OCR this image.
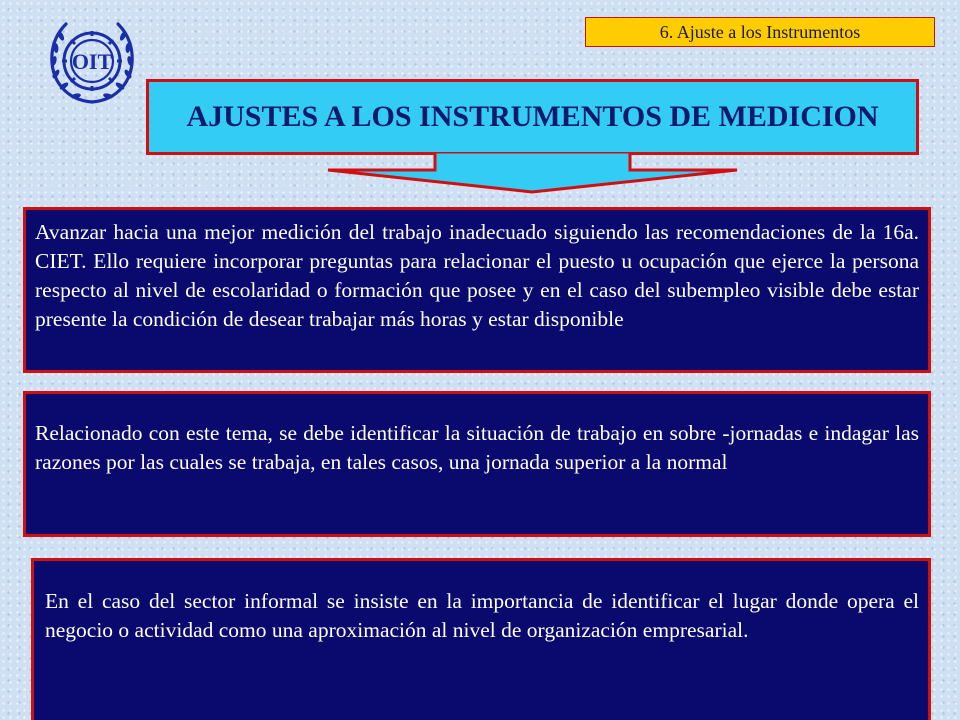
OIT
6. Ajuste a los Instrumentos
AJUSTES A LOS INSTRUMENTOS DE MEDICION
Avanzar hacia una mejor medición del trabajo inadecuado siguiendo las recomendaciones de la 16a. CIET. Ello requiere incorporar preguntas para relacionar el puesto u ocupación que ejerce la persona respecto al nivel de escolaridad o formación que posee y en el caso del subempleo visible debe estar presente la condición de desear trabajar más horas y estar disponible
Relacionado con este tema, se debe identificar la situación de trabajo en sobre -jornadas e indagar las razones por las cuales se trabaja, en tales casos, una jornada superior a la normal
En el caso del sector informal se insiste en la importancia de identificar el lugar donde opera el negocio o actividad como una aproximación al nivel de organización empresarial.
